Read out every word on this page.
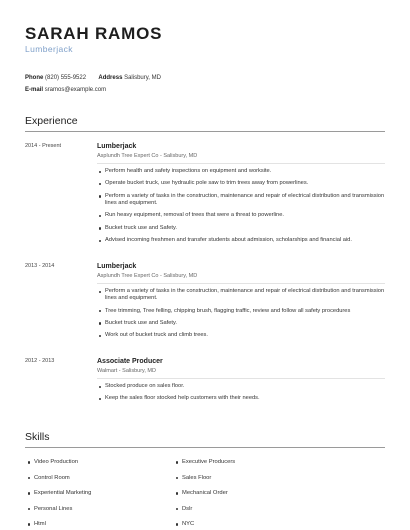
SARAH RAMOS
Lumberjack
Phone (820) 555-9522 Address Salisbury, MD
E-mail sramos@example.com
Experience
2014 - Present	Lumberjack
Asplundh Tree Expert Co - Salisbury, MD
Perform health and safety inspections on equipment and worksite.
Operate bucket truck, use hydraulic pole saw to trim trees away from powerlines.
Perform a variety of tasks in the construction, maintenance and repair of electrical distribution and transmission lines and equipment.
Run heavy equipment, removal of trees that were a threat to powerline.
Bucket truck use and Safety.
Advised incoming freshmen and transfer students about admission, scholarships and financial aid.
2013 - 2014	Lumberjack
Asplundh Tree Expert Co - Salisbury, MD
Perform a variety of tasks in the construction, maintenance and repair of electrical distribution and transmission lines and equipment.
Tree trimming, Tree felling, chipping brush, flagging traffic, review and follow all safety procedures
Bucket truck use and Safety.
Work out of bucket truck and climb trees.
2012 - 2013	Associate Producer
Walmart - Salisbury, MD
Stocked produce on sales floor.
Keep the sales floor stocked help customers with their needs.
Skills
Video Production
Control Room
Experiential Marketing
Personal Lines
Html
Executive Producers
Sales Floor
Mechanical Order
Dslr
NYC
